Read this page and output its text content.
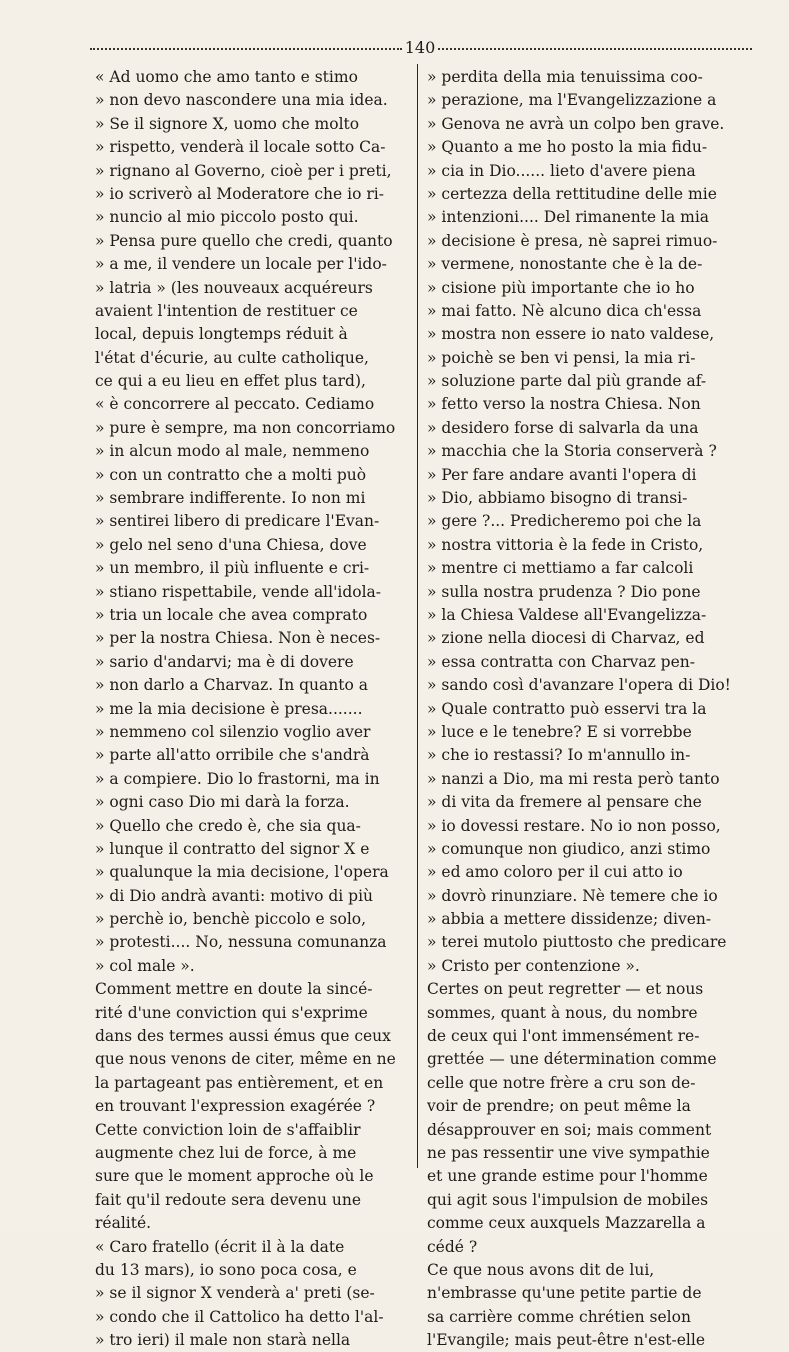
140
« Ad uomo che amo tanto e stimo
» non devo nascondere una mia idea.
» Se il signore X, uomo che molto
» rispetto, venderà il locale sotto Ca-
» rignano al Governo, cioè per i preti,
» io scriverò al Moderatore che io ri-
» nuncio al mio piccolo posto qui.
» Pensa pure quello che credi, quanto
» a me, il vendere un locale per l'ido-
» latria » (les nouveaux acquéreurs
avaient l'intention de restituer ce
local, depuis longtemps réduit à
l'état d'écurie, au culte catholique,
ce qui a eu lieu en effet plus tard),
« è concorrere al peccato. Cediamo
» pure è sempre, ma non concorriamo
» in alcun modo al male, nemmeno
» con un contratto che a molti può
» sembrare indifferente. Io non mi
» sentirei libero di predicare l'Evan-
» gelo nel seno d'una Chiesa, dove
» un membro, il più influente e cri-
» stiano rispettabile, vende all'idola-
» tria un locale che avea comprato
» per la nostra Chiesa. Non è neces-
» sario d'andarvi; ma è di dovere
» non darlo a Charvaz. In quanto a
» me la mia decisione è presa.......
» nemmeno col silenzio voglio aver
» parte all'atto orribile che s'andrà
» a compiere. Dio lo frastorni, ma in
» ogni caso Dio mi darà la forza.
» Quello che credo è, che sia qua-
» lunque il contratto del signor X e
» qualunque la mia decisione, l'opera
» di Dio andrà avanti: motivo di più
» perchè io, benchè piccolo e solo,
» protesti.... No, nessuna comunanza
» col male ».
Comment mettre en doute la sincé-
rité d'une conviction qui s'exprime
dans des termes aussi émus que ceux
que nous venons de citer, même en ne
la partageant pas entièrement, et en
en trouvant l'expression exagérée ?
Cette conviction loin de s'affaiblir
augmente chez lui de force, à me
sure que le moment approche où le
fait qu'il redoute sera devenu une
réalité.
« Caro fratello (écrit il à la date
du 13 mars), io sono poca cosa, e
» se il signor X venderà a' preti (se-
» condo che il Cattolico ha detto l'al-
» tro ieri) il male non starà nella
» perdita della mia tenuissima coo-
» perazione, ma l'Evangelizzazione a
» Genova ne avrà un colpo ben grave.
» Quanto a me ho posto la mia fidu-
» cia in Dio...... lieto d'avere piena
» certezza della rettitudine delle mie
» intenzioni.... Del rimanente la mia
» decisione è presa, nè saprei rimuo-
» vermene, nonostante che è la de-
» cisione più importante che io ho
» mai fatto. Nè alcuno dica ch'essa
» mostra non essere io nato valdese,
» poichè se ben vi pensi, la mia ri-
» soluzione parte dal più grande af-
» fetto verso la nostra Chiesa. Non
» desidero forse di salvarla da una
» macchia che la Storia conserverà ?
» Per fare andare avanti l'opera di
» Dio, abbiamo bisogno di transi-
» gere ?... Predicheremo poi che la
» nostra vittoria è la fede in Cristo,
» mentre ci mettiamo a far calcoli
» sulla nostra prudenza ? Dio pone
» la Chiesa Valdese all'Evangelizza-
» zione nella diocesi di Charvaz, ed
» essa contratta con Charvaz pen-
» sando così d'avanzare l'opera di Dio!
» Quale contratto può esservi tra la
» luce e le tenebre? E si vorrebbe
» che io restassi? Io m'annullo in-
» nanzi a Dio, ma mi resta però tanto
» di vita da fremere al pensare che
» io dovessi restare. No io non posso,
» comunque non giudico, anzi stimo
» ed amo coloro per il cui atto io
» dovrò rinunziare. Nè temere che io
» abbia a mettere dissidenze; diven-
» terei mutolo piuttosto che predicare
» Cristo per contenzione ».
Certes on peut regretter — et nous
sommes, quant à nous, du nombre
de ceux qui l'ont immensément re-
grettée — une détermination comme
celle que notre frère a cru son de-
voir de prendre; on peut même la
désapprouver en soi; mais comment
ne pas ressentir une vive sympathie
et une grande estime pour l'homme
qui agit sous l'impulsion de mobiles
comme ceux auxquels Mazzarella a
cédé ?
Ce que nous avons dit de lui,
n'embrasse qu'une petite partie de
sa carrière comme chrétien selon
l'Evangile; mais peut-être n'est-elle
